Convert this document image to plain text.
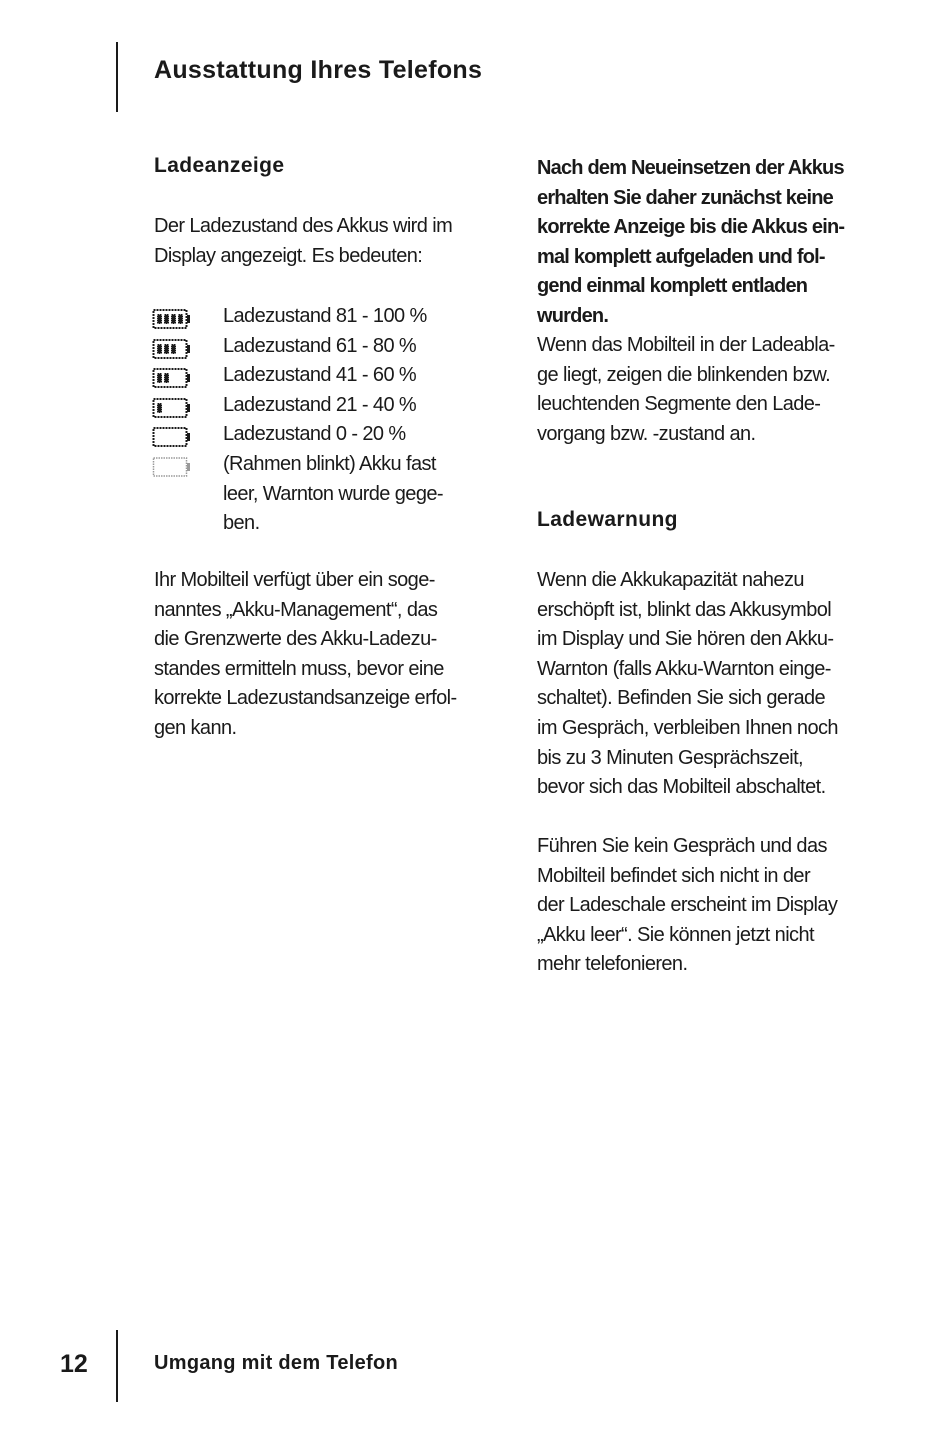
Ausstattung Ihres Telefons
Ladeanzeige
Der Ladezustand des Akkus wird im
Display angezeigt. Es bedeuten:
Ladezustand 81 - 100 %
Ladezustand 61 - 80 %
Ladezustand 41 - 60 %
Ladezustand 21 - 40 %
Ladezustand 0 - 20 %
(Rahmen blinkt) Akku fast
leer, Warnton wurde gege-
ben.
Ihr Mobilteil verfügt über ein soge-
nanntes „Akku-Management“, das
die Grenzwerte des Akku-Ladezu-
standes ermitteln muss, bevor eine
korrekte Ladezustandsanzeige erfol-
gen kann.
Nach dem Neueinsetzen der Akkus
erhalten Sie daher zunächst keine
korrekte Anzeige bis die Akkus ein-
mal komplett aufgeladen und fol-
gend einmal komplett entladen
wurden.
Wenn das Mobilteil in der Ladeabla-
ge liegt, zeigen die blinkenden bzw.
leuchtenden Segmente den Lade-
vorgang bzw. -zustand an.
Ladewarnung
Wenn die Akkukapazität nahezu
erschöpft ist, blinkt das Akkusymbol
im Display und Sie hören den Akku-
Warnton (falls Akku-Warnton einge-
schaltet). Befinden Sie sich gerade
im Gespräch, verbleiben Ihnen noch
bis zu 3 Minuten Gesprächszeit,
bevor sich das Mobilteil abschaltet.
Führen Sie kein Gespräch und das
Mobilteil befindet sich nicht in der
der Ladeschale erscheint im Display
„Akku leer“. Sie können jetzt nicht
mehr telefonieren.
12	Umgang mit dem Telefon
